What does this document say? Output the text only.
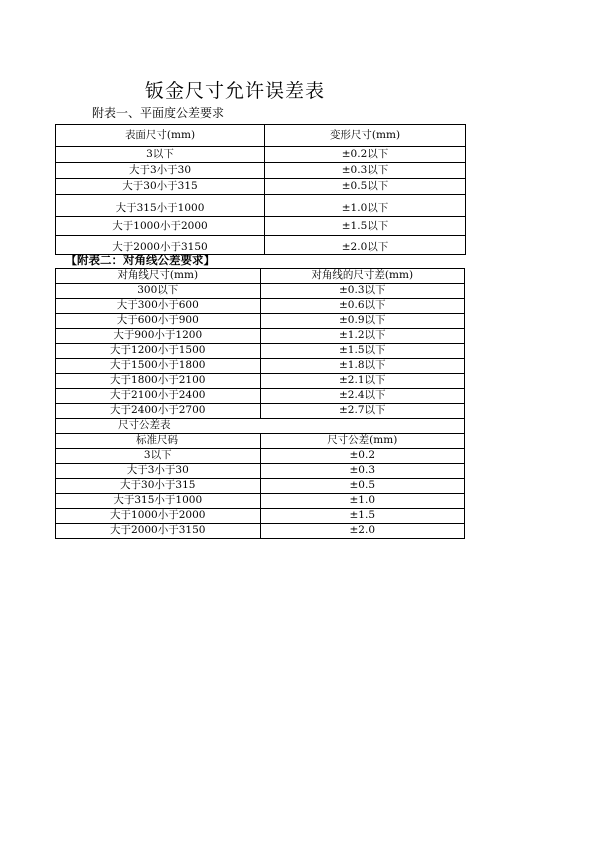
钣金尺寸允许误差表
附表一、平面度公差要求
表面尺寸(mm)	变形尺寸(mm)
3以下	±0.2以下
大于3小于30	±0.3以下
大于30小于315	±0.5以下
大于315小于1000	±1.0以下
大于1000小于2000	±1.5以下
大于2000小于3150	±2.0以下
【附表二：对角线公差要求】	
对角线尺寸(mm)	对角线的尺寸差(mm)
300以下	±0.3以下
大于300小于600	±0.6以下
大于600小于900	±0.9以下
大于900小于1200	±1.2以下
大于1200小于1500	±1.5以下
大于1500小于1800	±1.8以下
大于1800小于2100	±2.1以下
大于2100小于2400	±2.4以下
大于2400小于2700	±2.7以下
尺寸公差表	
标准尺码	尺寸公差(mm)
3以下	±0.2
大于3小于30	±0.3
大于30小于315	±0.5
大于315小于1000	±1.0
大于1000小于2000	±1.5
大于2000小于3150	±2.0
